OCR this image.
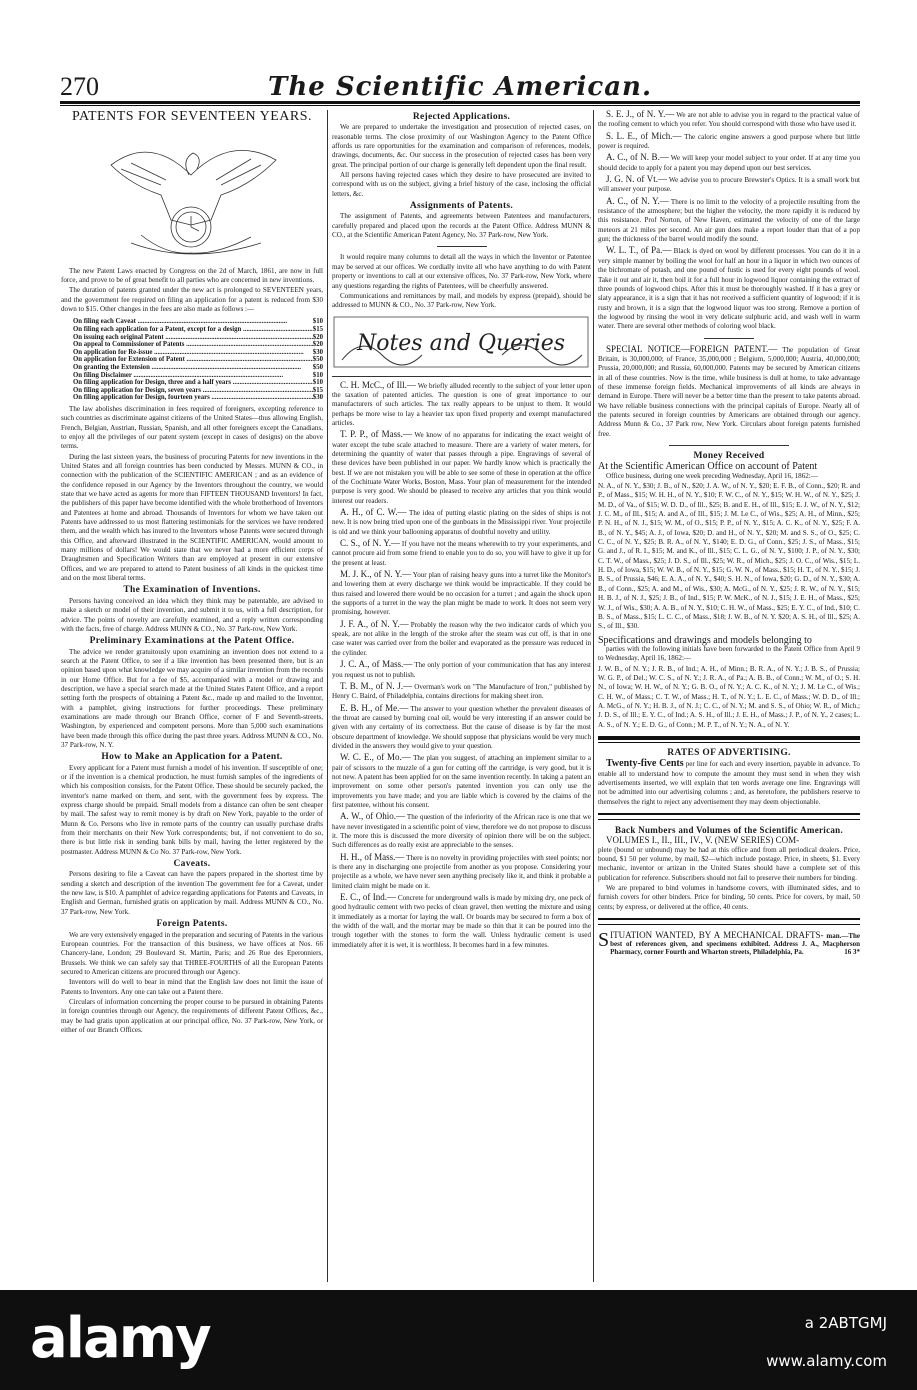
270	The Scientific American.
PATENTS FOR SEVENTEEN YEARS.

The new Patent Laws enacted by Congress on the 2d of March, 1861, are now in full force, and prove to be of great benefit to all parties who are concerned in new inventions.

The duration of patents granted under the new act is prolonged to SEVENTEEN years, and the government fee required on filing an application for a patent is reduced from $30 down to $15. Other changes in the fees are also made as follows :—

On filing each Caveat .....	$10
On filing each application for a Patent, except for a design .....	$15
On issuing each original Patent .....	$20
On appeal to Commissioner of Patents .....	$20
On application for Re-issue .....	$30
On application for Extension of Patent .....	$50
On granting the Extension .....	$50
On filing Disclaimer .....	$10
On filing application for Design, three and a half years .....	$10
On filing application for Design, seven years .....	$15
On filing application for Design, fourteen years .....	$30

The law abolishes discrimination in fees required of foreigners, excepting reference to such countries as discriminate against citizens of the United States—thus allowing English, French, Belgian, Austrian, Russian, Spanish, and all other foreigners except the Canadians, to enjoy all the privileges of our patent system (except in cases of designs) on the above terms.

During the last sixteen years, the business of procuring Patents for new inventions in the United States and all foreign countries has been conducted by Messrs. MUNN & CO., in connection with the publication of the SCIENTIFIC AMERICAN ; and as an evidence of the confidence reposed in our Agency by the Inventors throughout the country, we would state that we have acted as agents for more than FIFTEEN THOUSAND Inventors! In fact, the publishers of this paper have become identified with the whole brotherhood of Inventors and Patentees at home and abroad. Thousands of Inventors for whom we have taken out Patents have addressed to us most flattering testimonials for the services we have rendered them, and the wealth which has inured to the Inventors whose Patents were secured through this Office, and afterward illustrated in the SCIENTIFIC AMERICAN, would amount to many millions of dollars! We would state that we never had a more efficient corps of Draughtsmen and Specification Writers than are employed at present in our extensive Offices, and we are prepared to attend to Patent business of all kinds in the quickest time and on the most liberal terms.

The Examination of Inventions.

Persons having conceived an idea which they think may be patentable, are advised to make a sketch or model of their invention, and submit it to us, with a full description, for advice. The points of novelty are carefully examined, and a reply written corresponding with the facts, free of charge. Address MUNN & CO., No. 37 Park-row, New York.

Preliminary Examinations at the Patent Office.

The advice we render gratuitously upon examining an invention does not extend to a search at the Patent Office, to see if a like invention has been presented there, but is an opinion based upon what knowledge we may acquire of a similar invention from the records in our Home Office. But for a fee of $5, accompanied with a model or drawing and description, we have a special search made at the United States Patent Office, and a report setting forth the prospects of obtaining a Patent &c., made up and mailed to the Inventor, with a pamphlet, giving instructions for further proceedings. These preliminary examinations are made through our Branch Office, corner of F and Seventh-streets, Washington, by experienced and competent persons. More than 5,000 such examinations have been made through this office during the past three years. Address MUNN & CO., No. 37 Park-row, N. Y.

How to Make an Application for a Patent.

Every applicant for a Patent must furnish a model of his invention. If susceptible of one; or if the invention is a chemical production, he must furnish samples of the ingredients of which his composition consists, for the Patent Office. These should be securely packed, the inventor's name marked on them, and sent, with the government fees by express. The express charge should be prepaid. Small models from a distance can often be sent cheaper by mail. The safest way to remit money is by draft on New York, payable to the order of Munn & Co. Persons who live in remote parts of the country can usually purchase drafts from their merchants on their New York correspondents; but, if not convenient to do so, there is but little risk in sending bank bills by mail, having the letter registered by the postmaster. Address MUNN & Co No. 37 Park-row, New York.

Caveats.

Persons desiring to file a Caveat can have the papers prepared in the shortest time by sending a sketch and description of the invention The government fee for a Caveat, under the new law, is $10. A pamphlet of advice regarding applications for Patents and Caveats, in English and German, furnished gratis on application by mail. Address MUNN & CO., No. 37 Park-row, New York.

Foreign Patents.

We are very extensively engaged in the preparation and securing of Patents in the various European countries. For the transaction of this business, we have offices at Nos. 66 Chancery-lane, London; 29 Boulevard St. Martin, Paris; and 26 Rue des Eperonniers, Brussels. We think we can safely say that THREE-FOURTHS of all the European Patents secured to American citizens are procured through our Agency.

Inventors will do well to bear in mind that the English law does not limit the issue of Patents to Inventors. Any one can take out a Patent there.

Circulars of information concerning the proper course to be pursued in obtaining Patents in foreign countries through our Agency, the requirements of different Patent Offices, &c., may be had gratis upon application at our principal office, No. 37 Park-row, New York, or either of our Branch Offices.

Rejected Applications.

We are prepared to undertake the investigation and prosecution of rejected cases, on reasonable terms. The close proximity of our Washington Agency to the Patent Office affords us rare opportunities for the examination and comparison of references, models, drawings, documents, &c. Our success in the prosecution of rejected cases has been very great. The principal portion of our charge is generally left dependent upon the final result.

All persons having rejected cases which they desire to have prosecuted are invited to correspond with us on the subject, giving a brief history of the case, inclosing the official letters, &c.

Assignments of Patents.

The assignment of Patents, and agreements between Patentees and manufacturers, carefully prepared and placed upon the records at the Patent Office. Address MUNN & CO., at the Scientific American Patent Agency, No. 37 Park-row, New York.

It would require many columns to detail all the ways in which the Inventor or Patentee may be served at our offices. We cordially invite all who have anything to do with Patent property or inventions to call at our extensive offices, No. 37 Park-row, New York, where any questions regarding the rights of Patentees, will be cheerfully answered.

Communications and remittances by mail, and models by express (prepaid), should be addressed to MUNN & CO., No. 37 Park-row, New York.

Notes and Queries

C. H. McC., of Ill.— We briefly alluded recently to the subject of your letter upon the taxation of patented articles. The question is one of great importance to our manufacturers of such articles. The tax really appears to be unjust to them. It would perhaps be more wise to lay a heavier tax upon fixed property and exempt manufactured articles.

T. P. P., of Mass.— We know of no apparatus for indicating the exact weight of water except the tube scale attached to measure. There are a variety of water meters, for determining the quantity of water that passes through a pipe. Engravings of several of these devices have been published in our paper. We hardly know which is practically the best. If we are not mistaken you will be able to see some of these in operation at the office of the Cochituate Water Works, Boston, Mass. Your plan of measurement for the intended purpose is very good. We should be pleased to receive any articles that you think would interest our readers.

A. H., of C. W.— The idea of putting elastic plating on the sides of ships is not new. It is now being tried upon one of the gunboats in the Mississippi river. Your projectile is old and we think your ballooning apparatus of doubtful novelty and utility.

C. S., of N. Y.— If you have not the means wherewith to try your experiments, and cannot procure aid from some friend to enable you to do so, you will have to give it up for the present at least.

M. J. K., of N. Y.— Your plan of raising heavy guns into a turret like the Monitor's and lowering them at every discharge we think would be impracticable. If they could be thus raised and lowered there would be no occasion for a turret ; and again the shock upon the supports of a turret in the way the plan might be made to work. It does not seem very promising, however.

J. F. A., of N. Y.— Probably the reason why the two indicator cards of which you speak, are not alike in the length of the stroke after the steam was cut off, is that in one case water was carried over from the boiler and evaporated as the pressure was reduced in the cylinder.

J. C. A., of Mass.— The only portion of your communication that has any interest you request us not to publish.

T. B. M., of N. J.— Overman's work on "The Manufacture of Iron," published by Henry C. Baird, of Philadelphia, contains directions for making sheet iron.

E. B. H., of Me.— The answer to your question whether the prevalent diseases of the throat are caused by burning coal oil, would be very interesting if an answer could be given with any certainty of its correctness. But the cause of disease is by far the most obscure department of knowledge. We should suppose that physicians would be very much divided in the answers they would give to your question.

W. C. E., of Mo.— The plan you suggest, of attaching an implement similar to a pair of scissors to the muzzle of a gun for cutting off the cartridge, is very good, but it is not new. A patent has been applied for on the same invention recently. In taking a patent an improvement on some other person's patented invention you can only use the improvements you have made; and you are liable which is covered by the claims of the first patentee, without his consent.

A. W., of Ohio.— The question of the inferiority of the African race is one that we have never investigated in a scientific point of view, therefore we do not propose to discuss it. The more this is discussed the more diversity of opinion there will be on the subject. Such differences as do really exist are appreciable to the senses.

H. H., of Mass.— There is no novelty in providing projectiles with steel points; nor is there any in discharging one projectile from another as you propose. Considering your projectile as a whole, we have never seen anything precisely like it, and think it probable a limited claim might be made on it.

E. C., of Ind.— Concrete for underground walls is made by mixing dry, one peck of good hydraulic cement with two pecks of clean gravel, then wetting the mixture and using it immediately as a mortar for laying the wall. Or boards may be secured to form a box of the width of the wall, and the mortar may be made so thin that it can be poured into the trough together with the stones to form the wall. Unless hydraulic cement is used immediately after it is wet, it is worthless. It becomes hard in a few minutes.

S. E. J., of N. Y.— We are not able to advise you in regard to the practical value of the roofing cement to which you refer. You should correspond with those who have used it.

S. L. E., of Mich.— The caloric engine answers a good purpose where but little power is required.

A. C., of N. B.— We will keep your model subject to your order. If at any time you should decide to apply for a patent you may depend upon our best services.

J. G. N. of Vt.— We advise you to procure Brewster's Optics. It is a small work but will answer your purpose.

A. C., of N. Y.— There is no limit to the velocity of a projectile resulting from the resistance of the atmosphere; but the higher the velocity, the more rapidly it is reduced by this resistance. Prof Norton, of New Haven, estimated the velocity of one of the large meteors at 21 miles per second. An air gun does make a report louder than that of a pop gun; the thickness of the barrel would modify the sound.

W. L. T., of Pa.— Black is dyed on wool by different processes. You can do it in a very simple manner by boiling the wool for half an hour in a liquor in which two ounces of the bichromate of potash, and one pound of fustic is used for every eight pounds of wool. Take it out and air it, then boil it for a full hour in logwood liquor containing the extract of three pounds of logwood chips. After this it must be thoroughly washed. If it has a grey or slaty appearance, it is a sign that it has not received a sufficient quantity of logwood; if it is rusty and brown, it is a sign that the logwood liquor was too strong. Remove a portion of the logwood by rinsing the wool in very delicate sulphuric acid, and wash well in warm water. There are several other methods of coloring wool black.

SPECIAL NOTICE—FOREIGN PATENT.— The population of Great Britain, is 30,000,000; of France, 35,000,000 ; Belgium, 5,000,000; Austria, 40,000,000; Prussia, 20,000,000; and Russia, 60,000,000. Patents may be secured by American citizens in all of these countries. Now is the time, while business is dull at home, to take advantage of these immense foreign fields. Mechanical improvements of all kinds are always in demand in Europe. There will never be a better time than the present to take patents abroad. We have reliable business connections with the principal capitals of Europe. Nearly all of the patents secured in foreign countries by Americans are obtained through our agency. Address Munn & Co., 37 Park row, New York. Circulars about foreign patents furnished free.

Money Received
At the Scientific American Office on account of Patent

Office business, during one week preceding Wednesday, April 16, 1862:—

N. A., of N. Y., $30; J. B., of N., $20; J. A. W., of N. Y., $20; E. F. B., of Conn., $20; R. and P., of Mass., $15; W. H. H., of N. Y., $10; F. W. C., of N. Y., $15; W. H. W., of N. Y., $25; J. M. D., of Va., of $15; W. D. D., of Ill., $25; B. and E. H., of Ill., $15; E. J. W., of N. Y., $12; J. C. M., of Ill., $15; A. and A., of Ill., $15; J. M. Le C., of Wis., $25; A. H., of Minn., $25; P. N. H., of N. J., $15; W. M., of O., $15; P. P., of N. Y., $15; A. C. K., of N. Y., $25; F. A. B., of N. Y., $45; A. J., of Iowa, $20; D. and H., of N. Y., $20; M. and S. S., of O., $25; C. C. C., of N. Y., $25; B. R. A., of N. Y., $140; E. D. G., of Conn., $25; J. S., of Mass., $15; G. and J., of R. I., $15; M. and K., of Ill., $15; C. L. G., of N. Y., $100; J. P., of N. Y., $30; C. T. W., of Mass., $25; J. D. S., of Ill., $25; W. R., of Mich., $25; J. O. C., of Wis., $15; L. H. D., of Iowa, $15; W. W. B., of N. Y., $15; G. W. N., of Mass., $15; H. T., of N. Y., $15; J. B. S., of Prussia, $46; E. A. A., of N. Y., $40; S. H. N., of Iowa, $20; G. D., of N. Y., $30; A. B., of Conn., $25; A. and M., of Wis., $30; A. McG., of N. Y., $25; J. R. W., of N. Y., $15; H. B. J., of N. J., $25; J. B., of Ind., $15; P. W. McK., of N. J., $15; J. E. H., of Mass., $25; W. J., of Wis., $30; A. A. B., of N. Y., $10; C. H. W., of Mass., $25; E. Y. C., of Ind., $10; C. B. S., of Mass., $15; L. C. C., of Mass., $18; J. W. B., of N. Y. $20; A. S. H., of Ill., $25; A. S., of Ill., $30.

Specifications and drawings and models belonging to

parties with the following initials have been forwarded to the Patent Office from April 9 to Wednesday, April 16, 1862:—

J. W. B., of N. Y.; J. R. B., of Ind.; A. H., of Minn.; B. R. A., of N. Y.; J. B. S., of Prussia; W. G. P., of Del.; W. C. S., of N. Y.; J. R. A., of Pa.; A. B. B., of Conn.; W. M., of O.; S. H. N., of Iowa; W. H. W., of N. Y.; G. B. O., of N. Y.; A. C. K., of N. Y.; J. M. Le C., of Wis.; C. H. W., of Mass.; C. T. W., of Mass.; H. T., of N. Y.; L. E. C., of Mass.; W. D. D., of Ill.; A. McG., of N. Y.; H. B. J., of N. J.; C. C., of N. Y.; M. and S. S., of Ohio; W. R., of Mich.; J. D. S., of Ill.; E. Y. C., of Ind.; A. S. H., of Ill.; J. E. H., of Mass.; J. P., of N. Y., 2 cases; L. A. S., of N. Y.; E. D. G., of Conn.; M. P. T., of N. Y.; N. A., of N. Y.

RATES OF ADVERTISING.

Twenty-five Cents per line for each and every insertion, payable in advance. To enable all to understand how to compute the amount they must send in when they wish advertisements inserted, we will explain that ten words average one line. Engravings will not be admitted into our advertising columns ; and, as heretofore, the publishers reserve to themselves the right to reject any advertisement they may deem objectionable.

Back Numbers and Volumes of the Scientific American.
VOLUMES I., II., III., IV., V. (NEW SERIES) COM-

plete (bound or unbound) may be had at this office and from all periodical dealers. Price, bound, $1 50 per volume, by mail, $2—which include postage. Price, in sheets, $1. Every mechanic, inventor or artizan in the United States should have a complete set of this publication for reference. Subscribers should not fail to preserve their numbers for binding.

We are prepared to bind volumes in handsome covers, with illuminated sides, and to furnish covers for other binders. Price for binding, 50 cents. Price for covers, by mail, 50 cents; by express, or delivered at the office, 40 cents.

S ITUATION WANTED, BY A MECHANICAL DRAFTS- man.—The best of references given, and specimens exhibited. Address J. A., Macpherson Pharmacy, corner Fourth and Wharton streets, Philadelphia, Pa.	16 3*
alamy	a 2ABTGMJ
www.alamy.com
